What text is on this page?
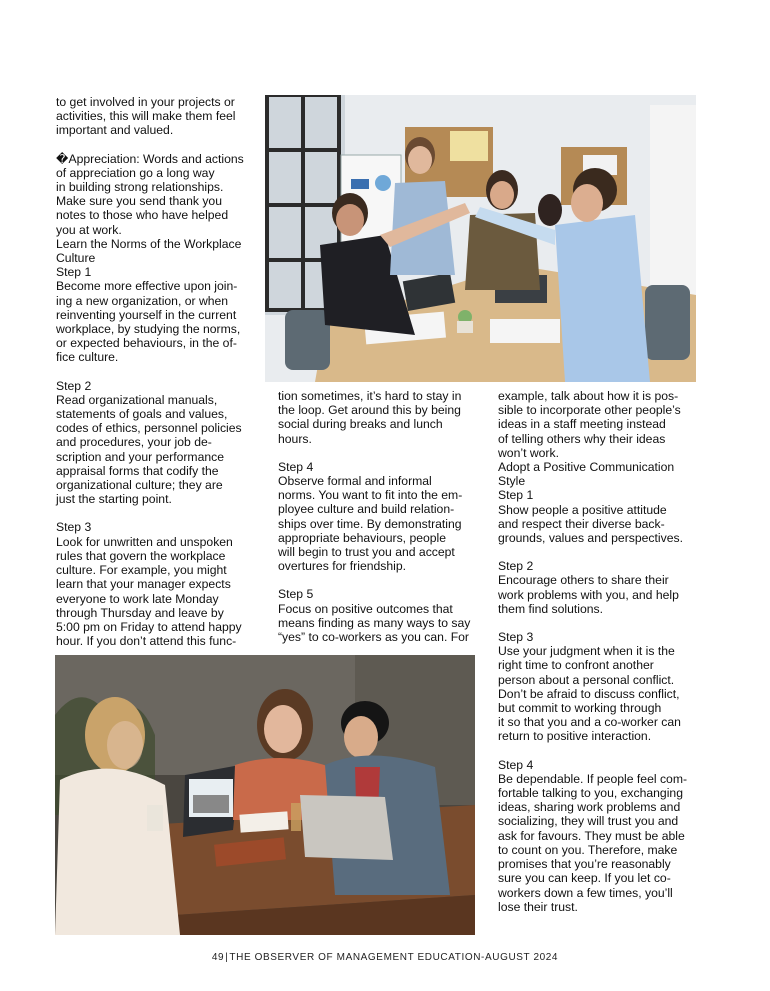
to get involved in your projects or
activities, this will make them feel
important and valued.

�Appreciation: Words and actions
of appreciation go a long way
in building strong relationships.
Make sure you send thank you
notes to those who have helped
you at work.

Learn the Norms of the Workplace
Culture

Step 1

Become more effective upon join-
ing a new organization, or when
reinventing yourself in the current
workplace, by studying the norms,
or expected behaviours, in the of-
fice culture.

Step 2

Read organizational manuals,
statements of goals and values,
codes of ethics, personnel policies
and procedures, your job de-
scription and your performance
appraisal forms that codify the
organizational culture; they are
just the starting point.

Step 3

Look for unwritten and unspoken
rules that govern the workplace
culture. For example, you might
learn that your manager expects
everyone to work late Monday
through Thursday and leave by
5:00 pm on Friday to attend happy
hour. If you don’t attend this func-

tion sometimes, it’s hard to stay in
the loop. Get around this by being
social during breaks and lunch
hours.

Step 4

Observe formal and informal
norms. You want to fit into the em-
ployee culture and build relation-
ships over time. By demonstrating
appropriate behaviours, people
will begin to trust you and accept
overtures for friendship.

Step 5

Focus on positive outcomes that
means finding as many ways to say
“yes” to co-workers as you can. For

example, talk about how it is pos-
sible to incorporate other people’s
ideas in a staff meeting instead
of telling others why their ideas
won’t work.

Adopt a Positive Communication
Style

Step 1

Show people a positive attitude
and respect their diverse back-
grounds, values and perspectives.

Step 2

Encourage others to share their
work problems with you, and help
them find solutions.

Step 3

Use your judgment when it is the
right time to confront another
person about a personal conflict.
Don’t be afraid to discuss conflict,
but commit to working through
it so that you and a co-worker can
return to positive interaction.

Step 4

Be dependable. If people feel com-
fortable talking to you, exchanging
ideas, sharing work problems and
socializing, they will trust you and
ask for favours. They must be able
to count on you. Therefore, make
promises that you’re reasonably
sure you can keep. If you let co-
workers down a few times, you’ll
lose their trust.

49|THE OBSERVER OF MANAGEMENT EDUCATION-AUGUST 2024
